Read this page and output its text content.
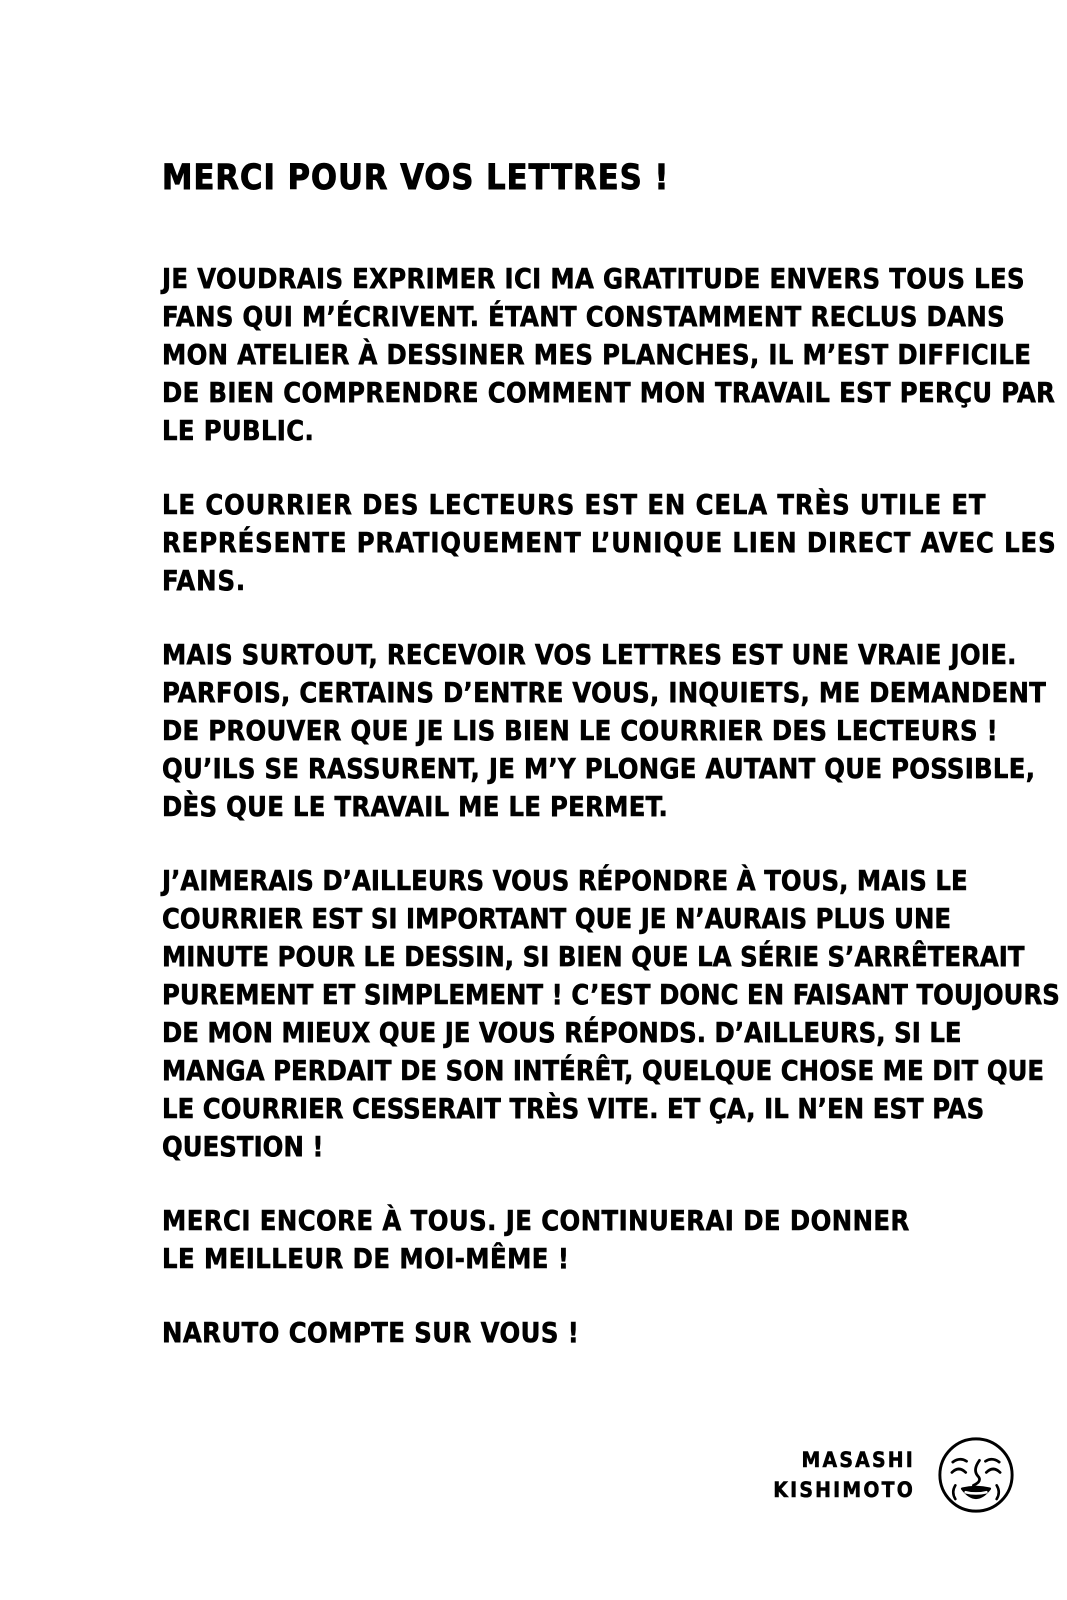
MERCI POUR VOS LETTRES !

JE VOUDRAIS EXPRIMER ICI MA GRATITUDE ENVERS TOUS LES
FANS QUI M’ÉCRIVENT. ÉTANT CONSTAMMENT RECLUS DANS
MON ATELIER À DESSINER MES PLANCHES, IL M’EST DIFFICILE
DE BIEN COMPRENDRE COMMENT MON TRAVAIL EST PERÇU PAR
LE PUBLIC.

LE COURRIER DES LECTEURS EST EN CELA TRÈS UTILE ET
REPRÉSENTE PRATIQUEMENT L’UNIQUE LIEN DIRECT AVEC LES
FANS.

MAIS SURTOUT, RECEVOIR VOS LETTRES EST UNE VRAIE JOIE.
PARFOIS, CERTAINS D’ENTRE VOUS, INQUIETS, ME DEMANDENT
DE PROUVER QUE JE LIS BIEN LE COURRIER DES LECTEURS !
QU’ILS SE RASSURENT, JE M’Y PLONGE AUTANT QUE POSSIBLE,
DÈS QUE LE TRAVAIL ME LE PERMET.

J’AIMERAIS D’AILLEURS VOUS RÉPONDRE À TOUS, MAIS LE
COURRIER EST SI IMPORTANT QUE JE N’AURAIS PLUS UNE
MINUTE POUR LE DESSIN, SI BIEN QUE LA SÉRIE S’ARRÊTERAIT
PUREMENT ET SIMPLEMENT ! C’EST DONC EN FAISANT TOUJOURS
DE MON MIEUX QUE JE VOUS RÉPONDS. D’AILLEURS, SI LE
MANGA PERDAIT DE SON INTÉRÊT, QUELQUE CHOSE ME DIT QUE
LE COURRIER CESSERAIT TRÈS VITE. ET ÇA, IL N’EN EST PAS
QUESTION !

MERCI ENCORE À TOUS. JE CONTINUERAI DE DONNER
LE MEILLEUR DE MOI-MÊME !

NARUTO COMPTE SUR VOUS !

MASASHI
KISHIMOTO
